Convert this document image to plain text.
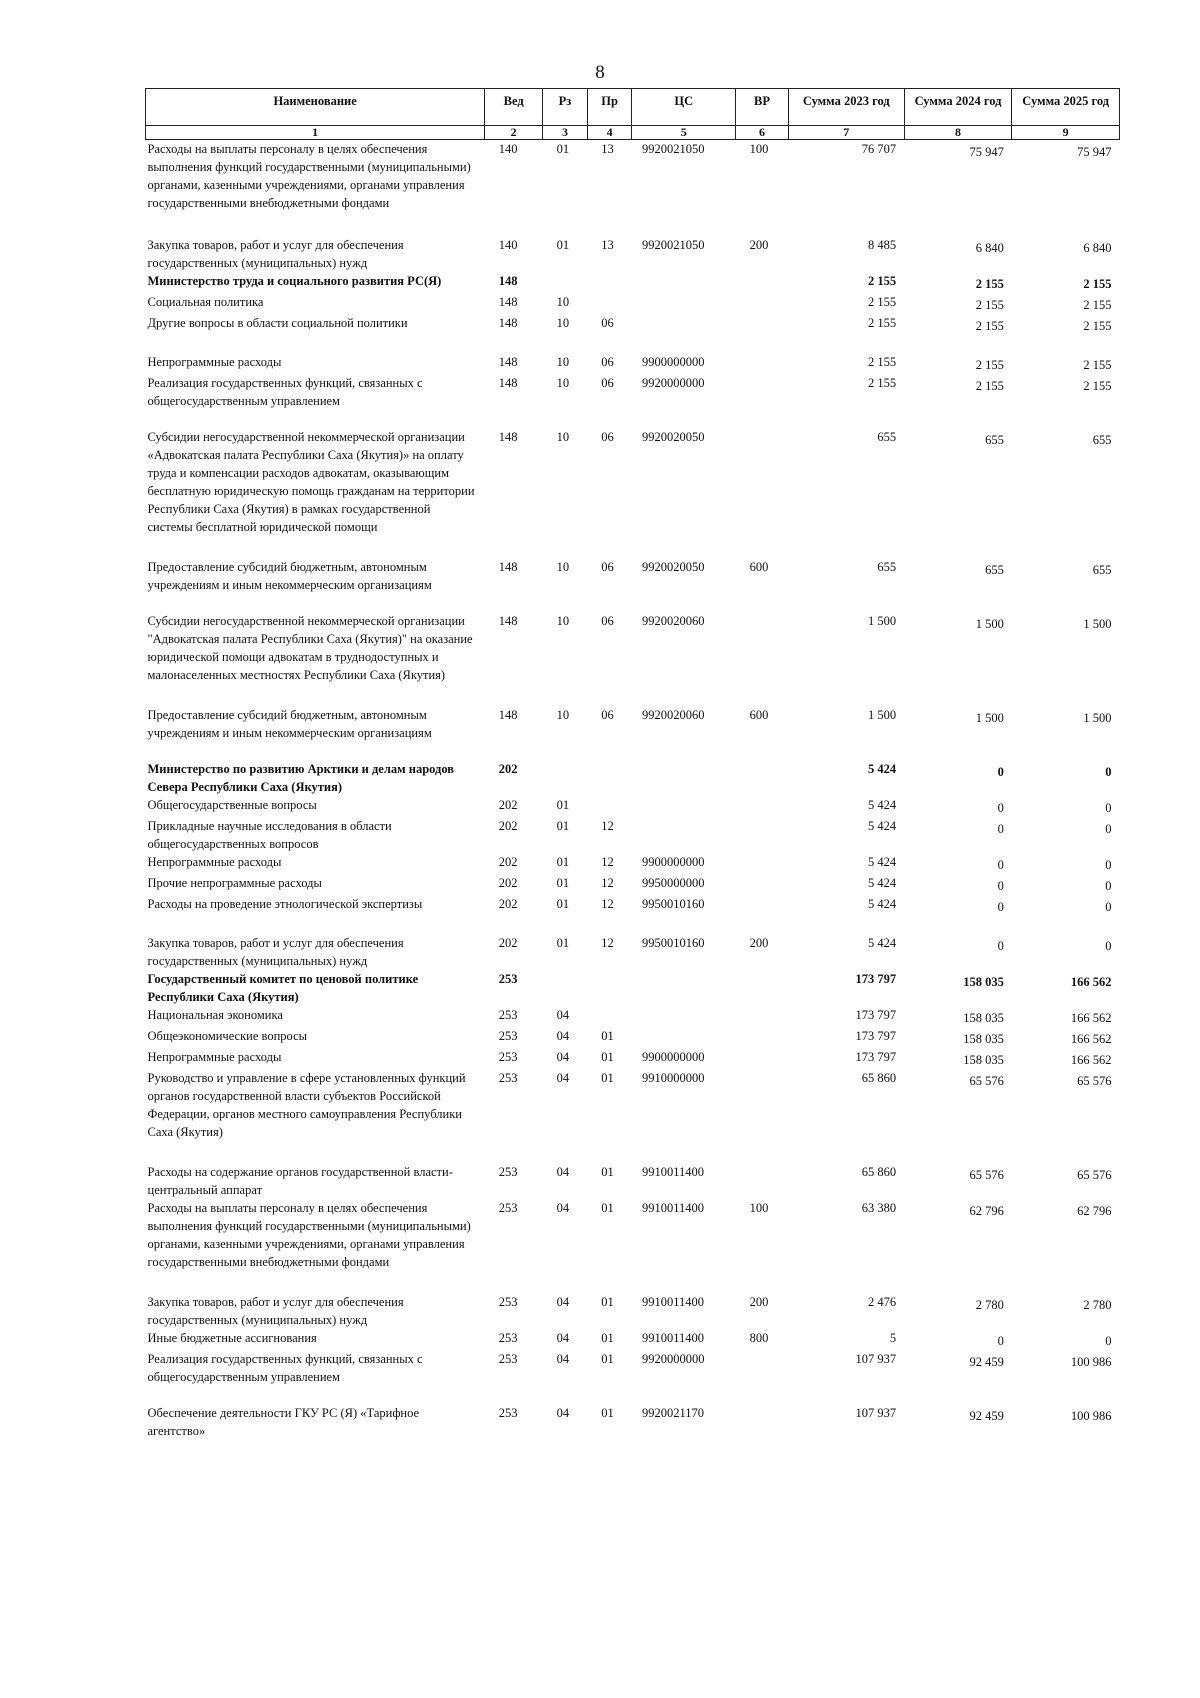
8
Наименование	Вед	Рз	Пр	ЦС	ВР	Сумма 2023 год	Сумма 2024 год	Сумма 2025 год
1	2	3	4	5	6	7	8	9
Расходы на выплаты персоналу в целях обеспечения выполнения функций государственными (муниципальными) органами, казенными учреждениями, органами управления государственными внебюджетными фондами	140	01	13	9920021050	100	76 707	75 947	75 947
Закупка товаров, работ и услуг для обеспечения государственных (муниципальных) нужд	140	01	13	9920021050	200	8 485	6 840	6 840
Министерство труда и социального развития РС(Я)	148					2 155	2 155	2 155
Социальная политика	148	10				2 155	2 155	2 155
Другие вопросы в области социальной политики	148	10	06			2 155	2 155	2 155
Непрограммные расходы	148	10	06	9900000000		2 155	2 155	2 155
Реализация государственных функций, связанных с общегосударственным управлением	148	10	06	9920000000		2 155	2 155	2 155
Субсидии негосударственной некоммерческой организации «Адвокатская палата Республики Саха (Якутия)» на оплату труда и компенсации расходов адвокатам, оказывающим бесплатную юридическую помощь гражданам на территории Республики Саха (Якутия) в рамках государственной системы бесплатной юридической помощи	148	10	06	9920020050		655	655	655
Предоставление субсидий бюджетным, автономным учреждениям и иным некоммерческим организациям	148	10	06	9920020050	600	655	655	655
Субсидии негосударственной некоммерческой организации "Адвокатская палата Республики Саха (Якутия)" на оказание юридической помощи адвокатам в труднодоступных и малонаселенных местностях Республики Саха (Якутия)	148	10	06	9920020060		1 500	1 500	1 500
Предоставление субсидий бюджетным, автономным учреждениям и иным некоммерческим организациям	148	10	06	9920020060	600	1 500	1 500	1 500
Министерство по развитию Арктики и делам народов Севера Республики Саха (Якутия)	202					5 424	0	0
Общегосударственные вопросы	202	01				5 424	0	0
Прикладные научные исследования в области общегосударственных вопросов	202	01	12			5 424	0	0
Непрограммные расходы	202	01	12	9900000000		5 424	0	0
Прочие непрограммные расходы	202	01	12	9950000000		5 424	0	0
Расходы на проведение этнологической экспертизы	202	01	12	9950010160		5 424	0	0
Закупка товаров, работ и услуг для обеспечения государственных (муниципальных) нужд	202	01	12	9950010160	200	5 424	0	0
Государственный комитет по ценовой политике Республики Саха (Якутия)	253					173 797	158 035	166 562
Национальная экономика	253	04				173 797	158 035	166 562
Общеэкономические вопросы	253	04	01			173 797	158 035	166 562
Непрограммные расходы	253	04	01	9900000000		173 797	158 035	166 562
Руководство и управление в сфере установленных функций органов государственной власти субъектов Российской Федерации, органов местного самоуправления Республики Саха (Якутия)	253	04	01	9910000000		65 860	65 576	65 576
Расходы на содержание органов государственной власти- центральный аппарат	253	04	01	9910011400		65 860	65 576	65 576
Расходы на выплаты персоналу в целях обеспечения выполнения функций государственными (муниципальными) органами, казенными учреждениями, органами управления государственными внебюджетными фондами	253	04	01	9910011400	100	63 380	62 796	62 796
Закупка товаров, работ и услуг для обеспечения государственных (муниципальных) нужд	253	04	01	9910011400	200	2 476	2 780	2 780
Иные бюджетные ассигнования	253	04	01	9910011400	800	5	0	0
Реализация государственных функций, связанных с общегосударственным управлением	253	04	01	9920000000		107 937	92 459	100 986
Обеспечение деятельности ГКУ РС (Я) «Тарифное агентство»	253	04	01	9920021170		107 937	92 459	100 986
